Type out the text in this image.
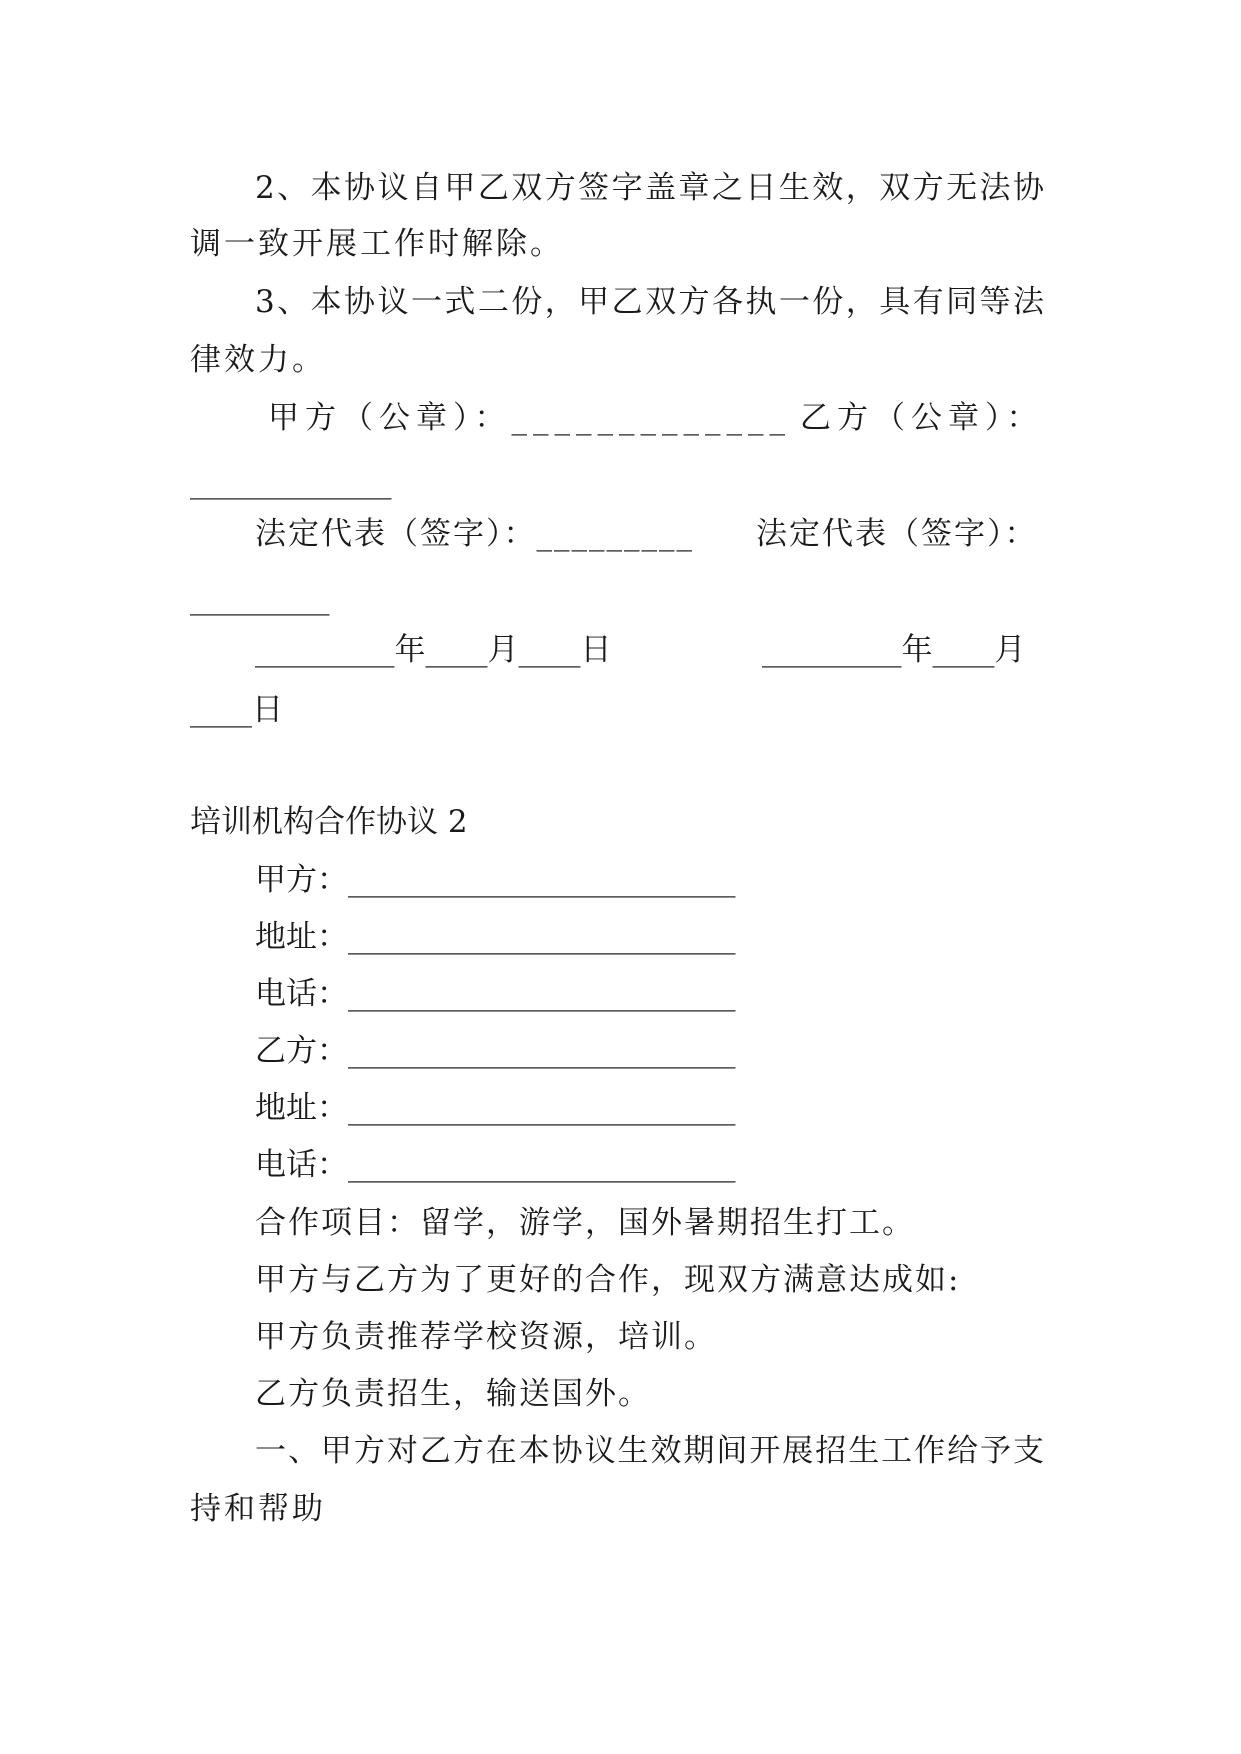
2、本协议自甲乙双方签字盖章之日生效，双方无法协

调一致开展工作时解除。

3、本协议一式二份，甲乙双方各执一份，具有同等法

律效力。

甲方（公章）：_____________ 乙方（公章）：

_____________

法定代表（签字）：_________ 法定代表（签字）：

_________

_________年____月____日	_________年____月

____日

培训机构合作协议 2

甲方：_________________________

地址：_________________________

电话：_________________________

乙方：_________________________

地址：_________________________

电话：_________________________

合作项目：留学，游学，国外暑期招生打工。

甲方与乙方为了更好的合作，现双方满意达成如:

甲方负责推荐学校资源，培训。

乙方负责招生，输送国外。

一、甲方对乙方在本协议生效期间开展招生工作给予支

持和帮助
